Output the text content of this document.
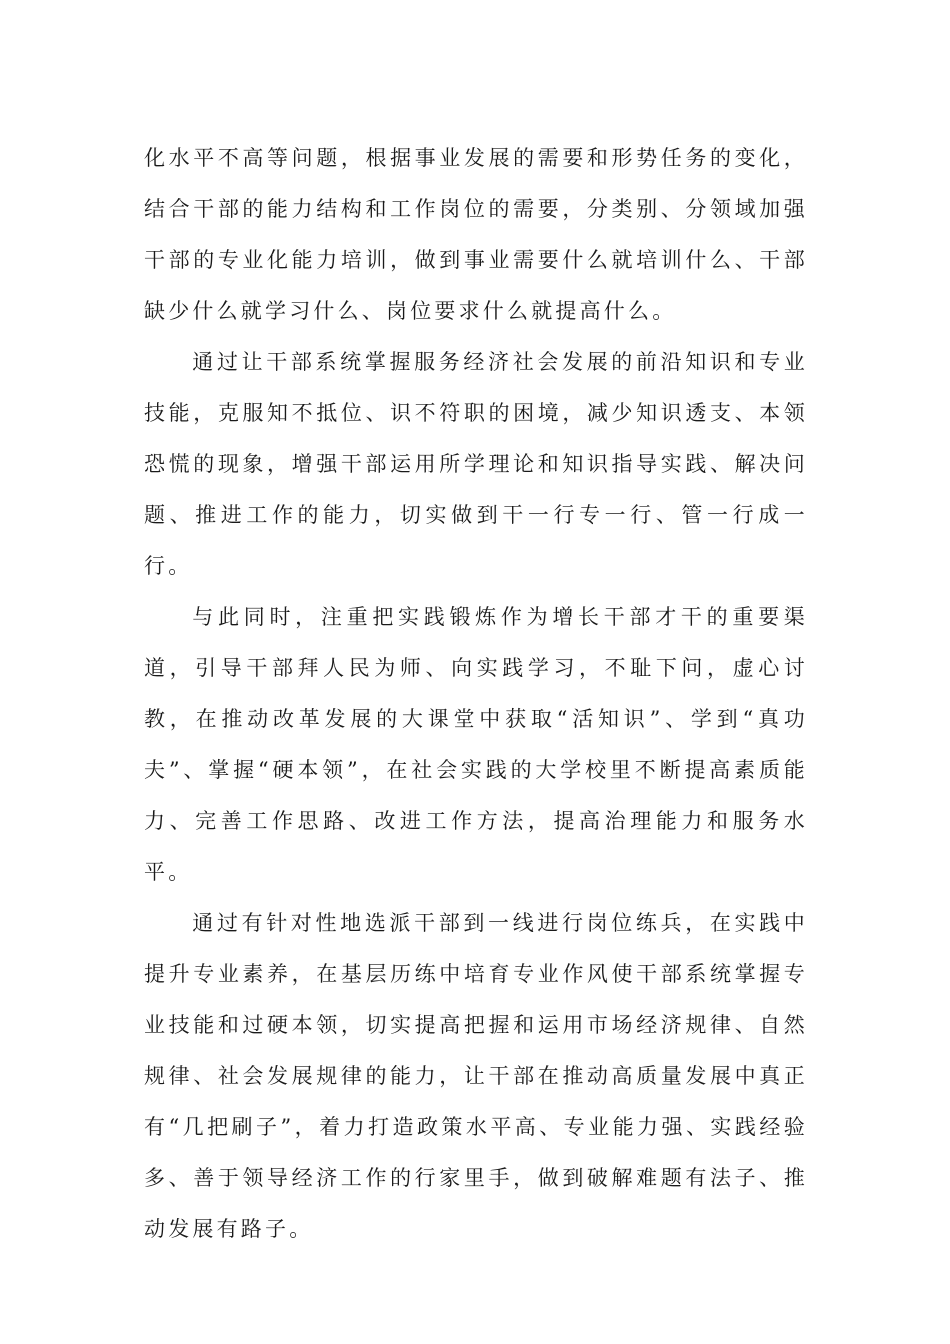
化水平不高等问题，根据事业发展的需要和形势任务的变化，结合干部的能力结构和工作岗位的需要，分类别、分领域加强干部的专业化能力培训，做到事业需要什么就培训什么、干部缺少什么就学习什么、岗位要求什么就提高什么。

通过让干部系统掌握服务经济社会发展的前沿知识和专业技能，克服知不抵位、识不符职的困境，减少知识透支、本领恐慌的现象，增强干部运用所学理论和知识指导实践、解决问题、推进工作的能力，切实做到干一行专一行、管一行成一行。

与此同时，注重把实践锻炼作为增长干部才干的重要渠道，引导干部拜人民为师、向实践学习，不耻下问，虚心讨教，在推动改革发展的大课堂中获取“活知识”、学到“真功夫”、掌握“硬本领”，在社会实践的大学校里不断提高素质能力、完善工作思路、改进工作方法，提高治理能力和服务水平。

通过有针对性地选派干部到一线进行岗位练兵，在实践中提升专业素养，在基层历练中培育专业作风使干部系统掌握专业技能和过硬本领，切实提高把握和运用市场经济规律、自然规律、社会发展规律的能力，让干部在推动高质量发展中真正有“几把刷子”，着力打造政策水平高、专业能力强、实践经验多、善于领导经济工作的行家里手，做到破解难题有法子、推动发展有路子。
